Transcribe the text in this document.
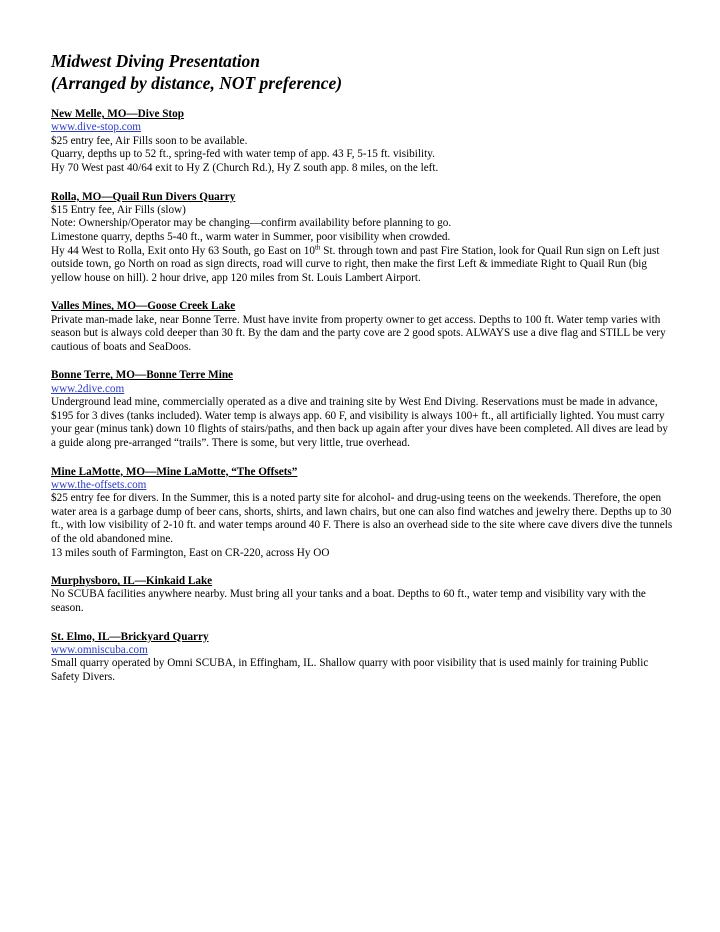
Midwest Diving Presentation

(Arranged by distance, NOT preference)

New Melle, MO—Dive Stop
www.dive-stop.com
$25 entry fee, Air Fills soon to be available.
Quarry, depths up to 52 ft., spring-fed with water temp of app. 43 F, 5-15 ft. visibility.
Hy 70 West past 40/64 exit to Hy Z (Church Rd.), Hy Z south app. 8 miles, on the left.
Rolla, MO—Quail Run Divers Quarry
$15 Entry fee, Air Fills (slow)
Note: Ownership/Operator may be changing—confirm availability before planning to go.
Limestone quarry, depths 5-40 ft., warm water in Summer, poor visibility when crowded.
Hy 44 West to Rolla, Exit onto Hy 63 South, go East on 10th St. through town and past Fire Station, look for Quail Run sign on Left just outside town, go North on road as sign directs, road will curve to right, then make the first Left & immediate Right to Quail Run (big yellow house on hill). 2 hour drive, app 120 miles from St. Louis Lambert Airport.
Valles Mines, MO—Goose Creek Lake
Private man-made lake, near Bonne Terre. Must have invite from property owner to get access. Depths to 100 ft. Water temp varies with season but is always cold deeper than 30 ft. By the dam and the party cove are 2 good spots. ALWAYS use a dive flag and STILL be very cautious of boats and SeaDoos.
Bonne Terre, MO—Bonne Terre Mine
www.2dive.com
Underground lead mine, commercially operated as a dive and training site by West End Diving. Reservations must be made in advance, $195 for 3 dives (tanks included). Water temp is always app. 60 F, and visibility is always 100+ ft., all artificially lighted. You must carry your gear (minus tank) down 10 flights of stairs/paths, and then back up again after your dives have been completed. All dives are lead by a guide along pre-arranged “trails”. There is some, but very little, true overhead.
Mine LaMotte, MO—Mine LaMotte, “The Offsets”
www.the-offsets.com
$25 entry fee for divers. In the Summer, this is a noted party site for alcohol- and drug-using teens on the weekends. Therefore, the open water area is a garbage dump of beer cans, shorts, shirts, and lawn chairs, but one can also find watches and jewelry there. Depths up to 30 ft., with low visibility of 2-10 ft. and water temps around 40 F. There is also an overhead side to the site where cave divers dive the tunnels of the old abandoned mine.
13 miles south of Farmington, East on CR-220, across Hy OO
Murphysboro, IL—Kinkaid Lake
No SCUBA facilities anywhere nearby. Must bring all your tanks and a boat. Depths to 60 ft., water temp and visibility vary with the season.
St. Elmo, IL—Brickyard Quarry
www.omniscuba.com
Small quarry operated by Omni SCUBA, in Effingham, IL. Shallow quarry with poor visibility that is used mainly for training Public Safety Divers.
